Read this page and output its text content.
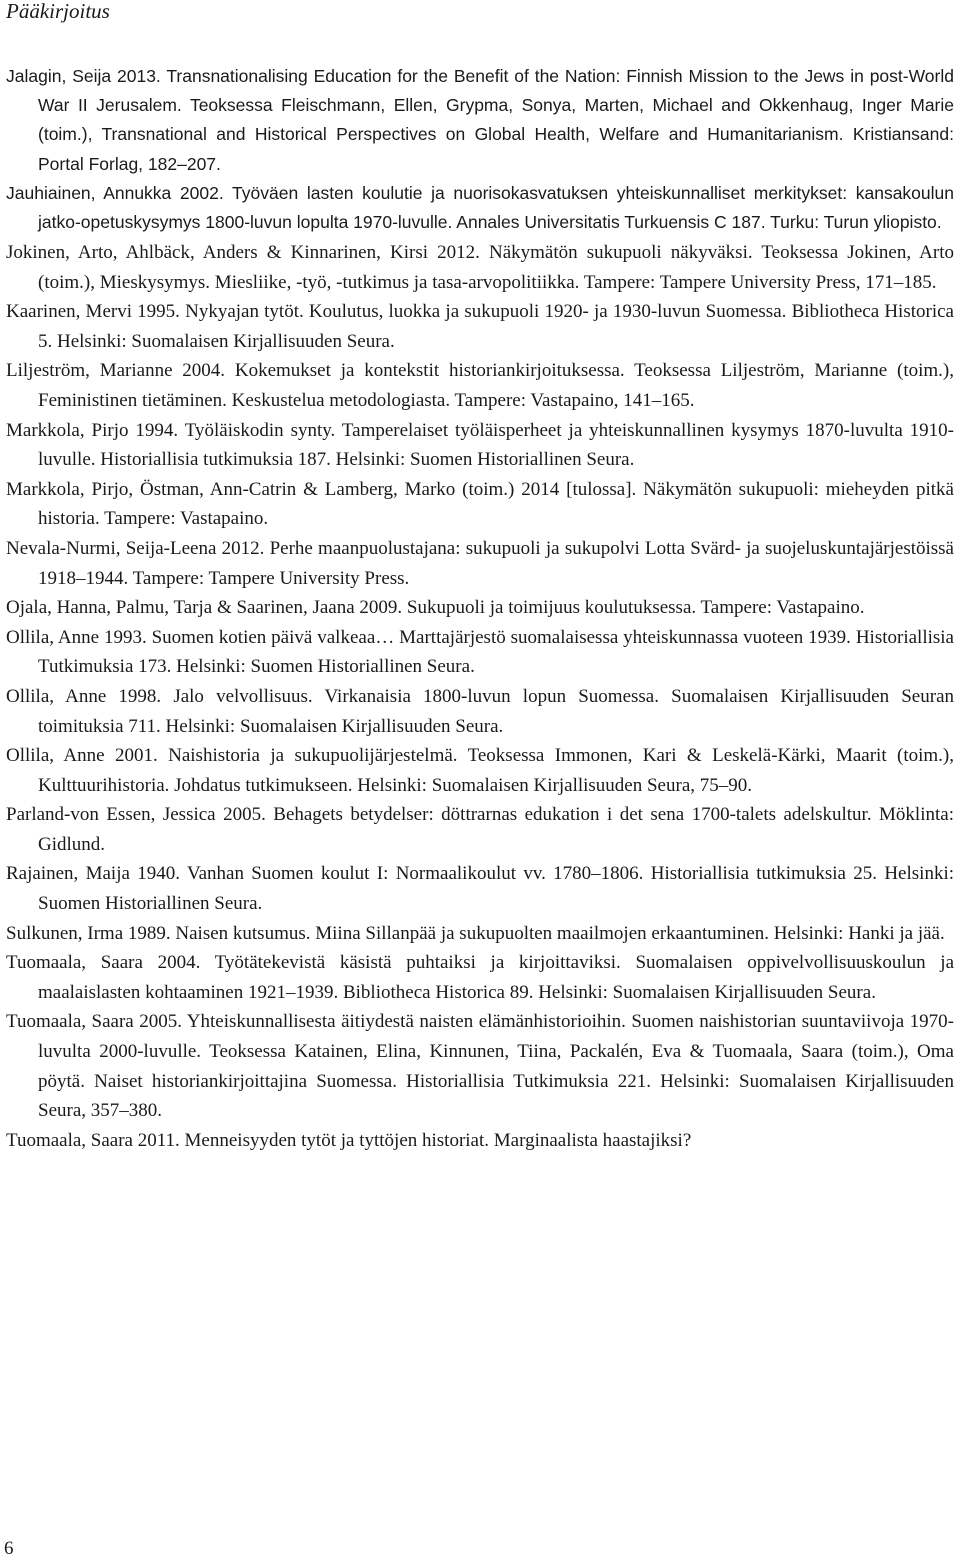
Pääkirjoitus
Jalagin, Seija 2013. Transnationalising Education for the Benefit of the Nation: Finnish Mission to the Jews in post-World War II Jerusalem. Teoksessa Fleischmann, Ellen, Grypma, Sonya, Marten, Michael and Okkenhaug, Inger Marie (toim.), Transnational and Historical Perspectives on Global Health, Welfare and Humanitarianism. Kristiansand: Portal Forlag, 182–207.
Jauhiainen, Annukka 2002. Työväen lasten koulutie ja nuorisokasvatuksen yhteiskunnalliset merkitykset: kansakoulun jatko-opetuskysymys 1800-luvun lopulta 1970-luvulle. Annales Universitatis Turkuensis C 187. Turku: Turun yliopisto.
Jokinen, Arto, Ahlbäck, Anders & Kinnarinen, Kirsi 2012. Näkymätön sukupuoli näkyväksi. Teoksessa Jokinen, Arto (toim.), Mieskysymys. Miesliike, -työ, -tutkimus ja tasa-arvopolitiikka. Tampere: Tampere University Press, 171–185.
Kaarinen, Mervi 1995. Nykyajan tytöt. Koulutus, luokka ja sukupuoli 1920- ja 1930-luvun Suomessa. Bibliotheca Historica 5. Helsinki: Suomalaisen Kirjallisuuden Seura.
Liljeström, Marianne 2004. Kokemukset ja kontekstit historiankirjoituksessa. Teoksessa Liljeström, Marianne (toim.), Feministinen tietäminen. Keskustelua metodologiasta. Tampere: Vastapaino, 141–165.
Markkola, Pirjo 1994. Työläiskodin synty. Tamperelaiset työläisperheet ja yhteiskunnallinen kysymys 1870-luvulta 1910-luvulle. Historiallisia tutkimuksia 187. Helsinki: Suomen Historiallinen Seura.
Markkola, Pirjo, Östman, Ann-Catrin & Lamberg, Marko (toim.) 2014 [tulossa]. Näkymätön sukupuoli: mieheyden pitkä historia. Tampere: Vastapaino.
Nevala-Nurmi, Seija-Leena 2012. Perhe maanpuolustajana: sukupuoli ja sukupolvi Lotta Svärd- ja suojeluskuntajärjestöissä 1918–1944. Tampere: Tampere University Press.
Ojala, Hanna, Palmu, Tarja & Saarinen, Jaana 2009. Sukupuoli ja toimijuus koulutuksessa. Tampere: Vastapaino.
Ollila, Anne 1993. Suomen kotien päivä valkeaa… Marttajärjestö suomalaisessa yhteiskunnassa vuoteen 1939. Historiallisia Tutkimuksia 173. Helsinki: Suomen Historiallinen Seura.
Ollila, Anne 1998. Jalo velvollisuus. Virkanaisia 1800-luvun lopun Suomessa. Suomalaisen Kirjallisuuden Seuran toimituksia 711. Helsinki: Suomalaisen Kirjallisuuden Seura.
Ollila, Anne 2001. Naishistoria ja sukupuolijärjestelmä. Teoksessa Immonen, Kari & Leskelä-Kärki, Maarit (toim.), Kulttuurihistoria. Johdatus tutkimukseen. Helsinki: Suomalaisen Kirjallisuuden Seura, 75–90.
Parland-von Essen, Jessica 2005. Behagets betydelser: döttrarnas edukation i det sena 1700-talets adelskultur. Möklinta: Gidlund.
Rajainen, Maija 1940. Vanhan Suomen koulut I: Normaalikoulut vv. 1780–1806. Historiallisia tutkimuksia 25. Helsinki: Suomen Historiallinen Seura.
Sulkunen, Irma 1989. Naisen kutsumus. Miina Sillanpää ja sukupuolten maailmojen erkaantuminen. Helsinki: Hanki ja jää.
Tuomaala, Saara 2004. Työtätekevistä käsistä puhtaiksi ja kirjoittaviksi. Suomalaisen oppivelvollisuuskoulun ja maalaislasten kohtaaminen 1921–1939. Bibliotheca Historica 89. Helsinki: Suomalaisen Kirjallisuuden Seura.
Tuomaala, Saara 2005. Yhteiskunnallisesta äitiydestä naisten elämänhistorioihin. Suomen naishistorian suuntaviivoja 1970-luvulta 2000-luvulle. Teoksessa Katainen, Elina, Kinnunen, Tiina, Packalén, Eva & Tuomaala, Saara (toim.), Oma pöytä. Naiset historiankirjoittajina Suomessa. Historiallisia Tutkimuksia 221. Helsinki: Suomalaisen Kirjallisuuden Seura, 357–380.
Tuomaala, Saara 2011. Menneisyyden tytöt ja tyttöjen historiat. Marginaalista haastajiksi?
6
